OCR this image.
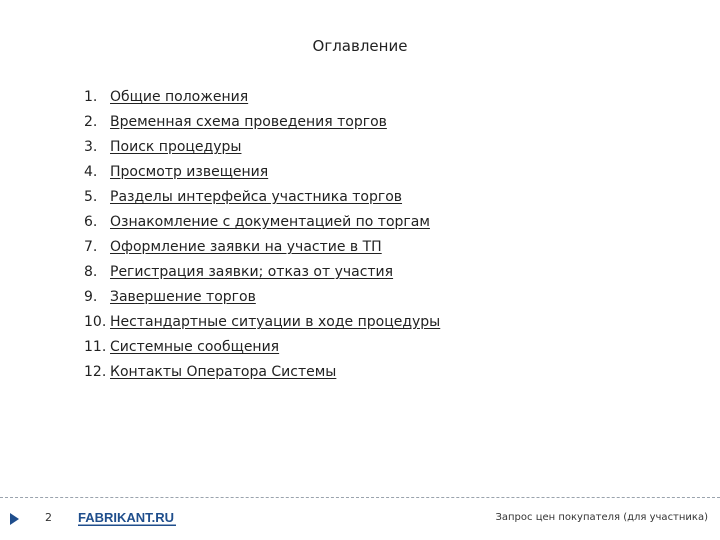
Оглавление
1. Общие положения
2. Временная схема проведения торгов
3. Поиск процедуры
4. Просмотр извещения
5. Разделы интерфейса участника торгов
6. Ознакомление с документацией по торгам
7. Оформление заявки на участие в ТП
8. Регистрация заявки; отказ от участия
9. Завершение торгов
10. Нестандартные ситуации в ходе процедуры
11. Системные сообщения
12. Контакты Оператора Системы
2 FABRIKANT.RU	Запрос цен покупателя (для участника)
